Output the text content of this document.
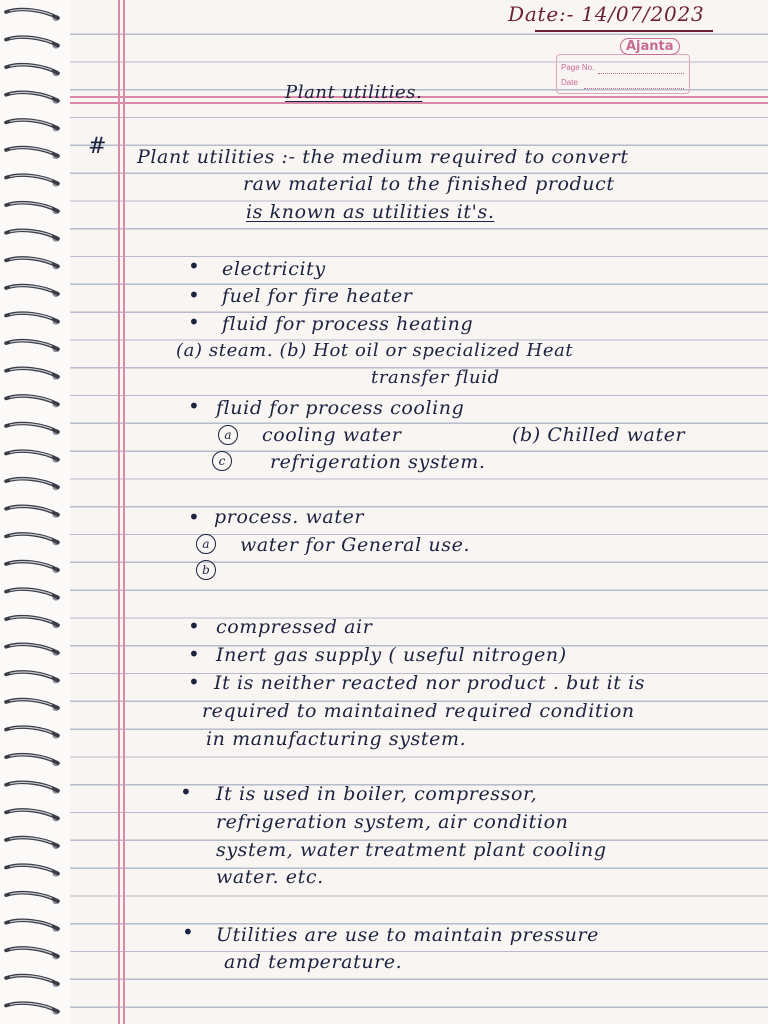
Date:- 14/07/2023
Ajanta
Page No.
Date
Plant utilities.
# Plant utilities :- the medium required to convert
raw material to the finished product
is known as utilities it's.
• electricity
• fuel for fire heater
• fluid for process heating
(a) steam. (b) Hot oil or specialized Heat
transfer fluid
• fluid for process cooling
a	cooling water	(b) Chilled water
c	refrigeration system.
• process. water
a	water for General use.
b
• compressed air
• Inert gas supply ( useful nitrogen)
• It is neither reacted nor product . but it is
required to maintained required condition
in manufacturing system.
• It is used in boiler, compressor,
refrigeration system, air condition
system, water treatment plant cooling
water. etc.
• Utilities are use to maintain pressure
and temperature.
